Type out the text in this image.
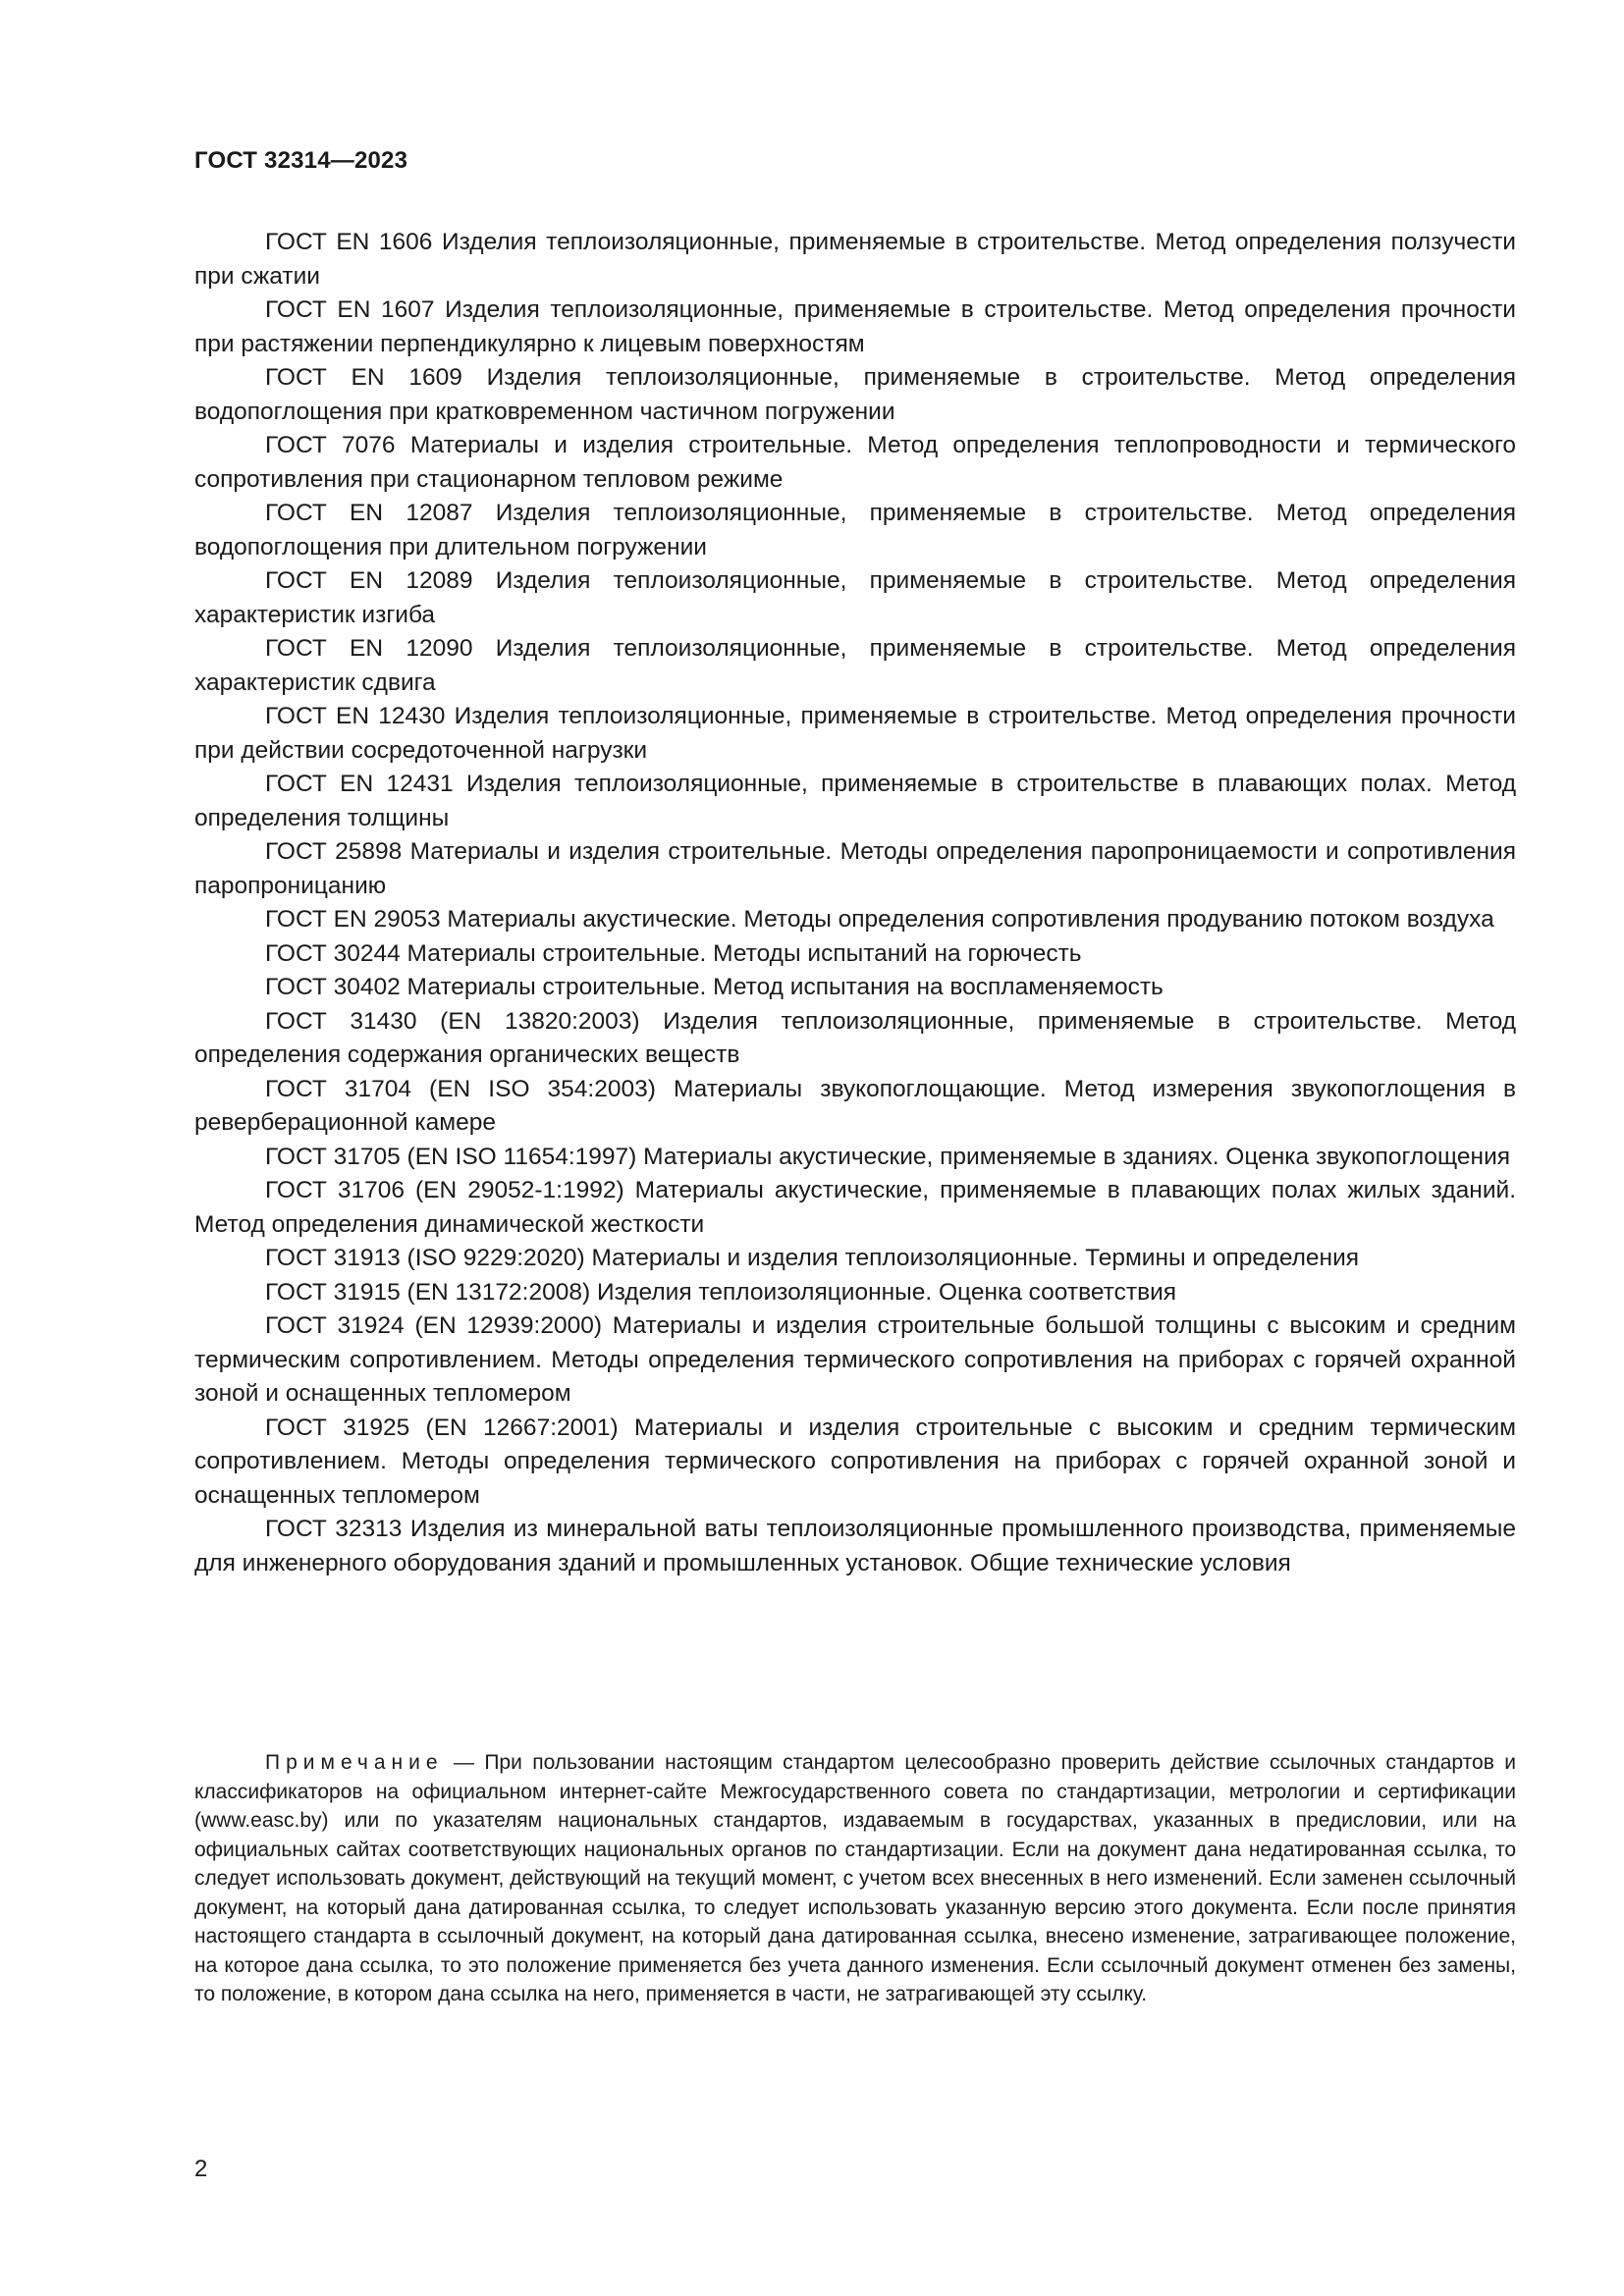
ГОСТ 32314—2023

ГОСТ EN 1606 Изделия теплоизоляционные, применяемые в строительстве. Метод определения ползучести при сжатии

ГОСТ EN 1607 Изделия теплоизоляционные, применяемые в строительстве. Метод определения прочности при растяжении перпендикулярно к лицевым поверхностям

ГОСТ EN 1609 Изделия теплоизоляционные, применяемые в строительстве. Метод определения водопоглощения при кратковременном частичном погружении

ГОСТ 7076 Материалы и изделия строительные. Метод определения теплопроводности и термического сопротивления при стационарном тепловом режиме

ГОСТ EN 12087 Изделия теплоизоляционные, применяемые в строительстве. Метод определения водопоглощения при длительном погружении

ГОСТ EN 12089 Изделия теплоизоляционные, применяемые в строительстве. Метод определения характеристик изгиба

ГОСТ EN 12090 Изделия теплоизоляционные, применяемые в строительстве. Метод определения характеристик сдвига

ГОСТ EN 12430 Изделия теплоизоляционные, применяемые в строительстве. Метод определения прочности при действии сосредоточенной нагрузки

ГОСТ EN 12431 Изделия теплоизоляционные, применяемые в строительстве в плавающих полах. Метод определения толщины

ГОСТ 25898 Материалы и изделия строительные. Методы определения паропроницаемости и сопротивления паропроницанию

ГОСТ EN 29053 Материалы акустические. Методы определения сопротивления продуванию потоком воздуха

ГОСТ 30244 Материалы строительные. Методы испытаний на горючесть

ГОСТ 30402 Материалы строительные. Метод испытания на воспламеняемость

ГОСТ 31430 (EN 13820:2003) Изделия теплоизоляционные, применяемые в строительстве. Метод определения содержания органических веществ

ГОСТ 31704 (EN ISO 354:2003) Материалы звукопоглощающие. Метод измерения звукопоглощения в реверберационной камере

ГОСТ 31705 (EN ISO 11654:1997) Материалы акустические, применяемые в зданиях. Оценка звукопоглощения

ГОСТ 31706 (EN 29052-1:1992) Материалы акустические, применяемые в плавающих полах жилых зданий. Метод определения динамической жесткости

ГОСТ 31913 (ISO 9229:2020) Материалы и изделия теплоизоляционные. Термины и определения

ГОСТ 31915 (EN 13172:2008) Изделия теплоизоляционные. Оценка соответствия

ГОСТ 31924 (EN 12939:2000) Материалы и изделия строительные большой толщины с высоким и средним термическим сопротивлением. Методы определения термического сопротивления на приборах с горячей охранной зоной и оснащенных тепломером

ГОСТ 31925 (EN 12667:2001) Материалы и изделия строительные с высоким и средним термическим сопротивлением. Методы определения термического сопротивления на приборах с горячей охранной зоной и оснащенных тепломером

ГОСТ 32313 Изделия из минеральной ваты теплоизоляционные промышленного производства, применяемые для инженерного оборудования зданий и промышленных установок. Общие технические условия

Примечание — При пользовании настоящим стандартом целесообразно проверить действие ссылочных стандартов и классификаторов на официальном интернет-сайте Межгосударственного совета по стандартизации, метрологии и сертификации (www.easc.by) или по указателям национальных стандартов, издаваемым в государствах, указанных в предисловии, или на официальных сайтах соответствующих национальных органов по стандартизации. Если на документ дана недатированная ссылка, то следует использовать документ, действующий на текущий момент, с учетом всех внесенных в него изменений. Если заменен ссылочный документ, на который дана датированная ссылка, то следует использовать указанную версию этого документа. Если после принятия настоящего стандарта в ссылочный документ, на который дана датированная ссылка, внесено изменение, затрагивающее положение, на которое дана ссылка, то это положение применяется без учета данного изменения. Если ссылочный документ отменен без замены, то положение, в котором дана ссылка на него, применяется в части, не затрагивающей эту ссылку.

2
